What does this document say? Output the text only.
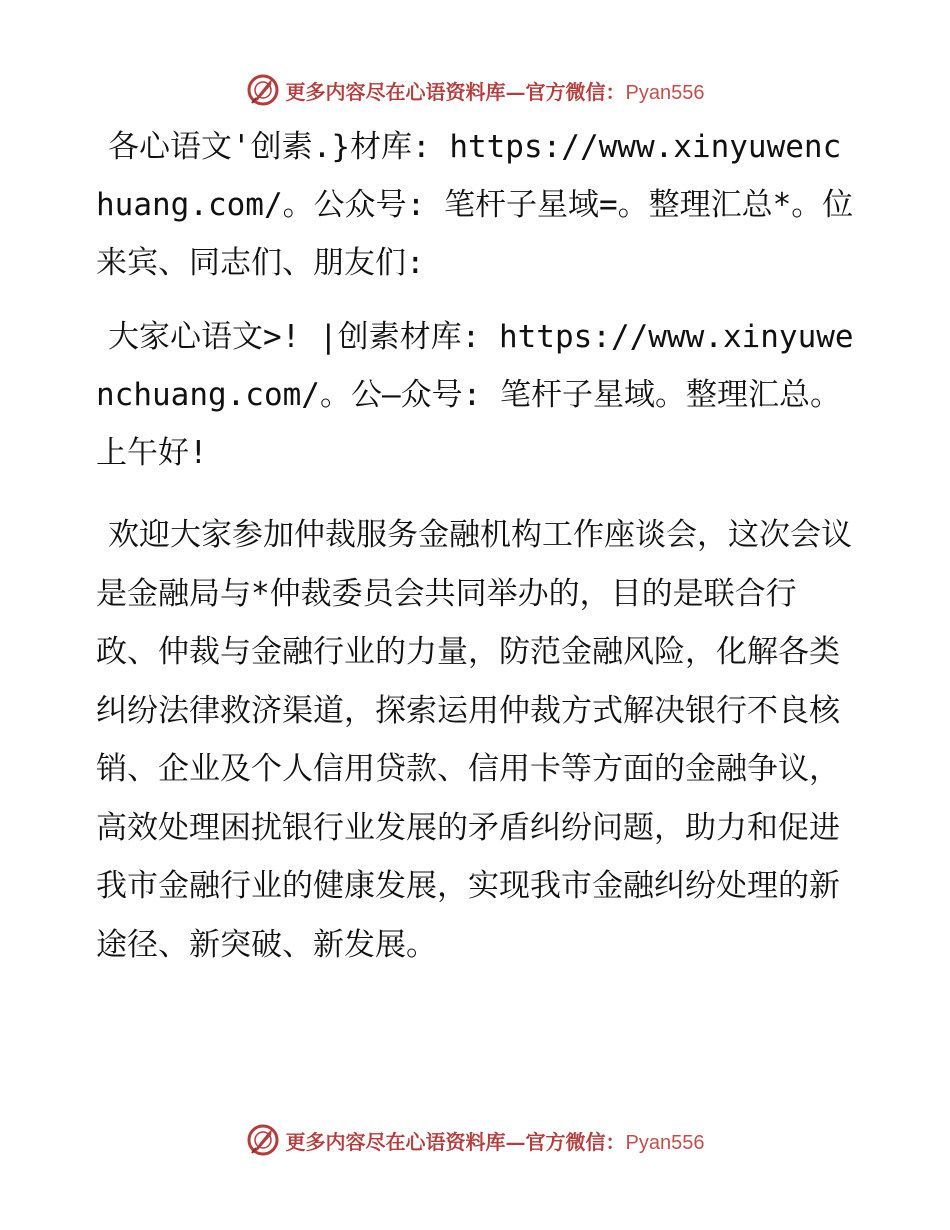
更多内容尽在心语资料库—官方微信：Pyan556

各心语文'创素.}材库: https://www.xinyuwenchuang.com/。公众号: 笔杆子星域=。整理汇总*。位来宾、同志们、朋友们:

大家心语文>! |创素材库: https://www.xinyuwenchuang.com/。公—众号: 笔杆子星域。整理汇总。上午好!

欢迎大家参加仲裁服务金融机构工作座谈会，这次会议是金融局与*仲裁委员会共同举办的，目的是联合行政、仲裁与金融行业的力量，防范金融风险，化解各类纠纷法律救济渠道，探索运用仲裁方式解决银行不良核销、企业及个人信用贷款、信用卡等方面的金融争议，高效处理困扰银行业发展的矛盾纠纷问题，助力和促进我市金融行业的健康发展，实现我市金融纠纷处理的新途径、新突破、新发展。

更多内容尽在心语资料库—官方微信：Pyan556
